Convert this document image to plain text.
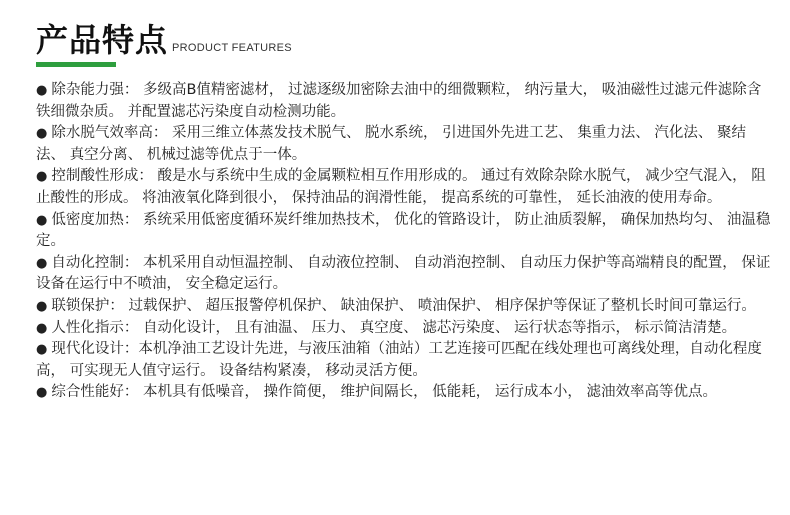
产品特点 PRODUCT FEATURES
● 除杂能力强： 多级高B值精密滤材， 过滤逐级加密除去油中的细微颗粒， 纳污量大， 吸油磁性过滤元件滤除含铁细微杂质。 并配置滤芯污染度自动检测功能。
● 除水脱气效率高： 采用三维立体蒸发技术脱气、 脱水系统， 引进国外先进工艺、 集重力法、 汽化法、 聚结法、 真空分离、 机械过滤等优点于一体。
● 控制酸性形成： 酸是水与系统中生成的金属颗粒相互作用形成的。 通过有效除杂除水脱气， 减少空气混入， 阻止酸性的形成。 将油液氧化降到很小， 保持油品的润滑性能， 提高系统的可靠性， 延长油液的使用寿命。
● 低密度加热： 系统采用低密度循环炭纤维加热技术， 优化的管路设计， 防止油质裂解， 确保加热均匀、 油温稳定。
● 自动化控制： 本机采用自动恒温控制、 自动液位控制、 自动消泡控制、 自动压力保护等高端精良的配置， 保证设备在运行中不喷油， 安全稳定运行。
● 联锁保护： 过载保护、 超压报警停机保护、 缺油保护、 喷油保护、 相序保护等保证了整机长时间可靠运行。
● 人性化指示： 自动化设计， 且有油温、 压力、 真空度、 滤芯污染度、 运行状态等指示， 标示简洁清楚。
● 现代化设计：本机净油工艺设计先进，与液压油箱（油站）工艺连接可匹配在线处理也可离线处理，自动化程度高， 可实现无人值守运行。 设备结构紧凑， 移动灵活方便。
● 综合性能好： 本机具有低噪音， 操作简便， 维护间隔长， 低能耗， 运行成本小， 滤油效率高等优点。
